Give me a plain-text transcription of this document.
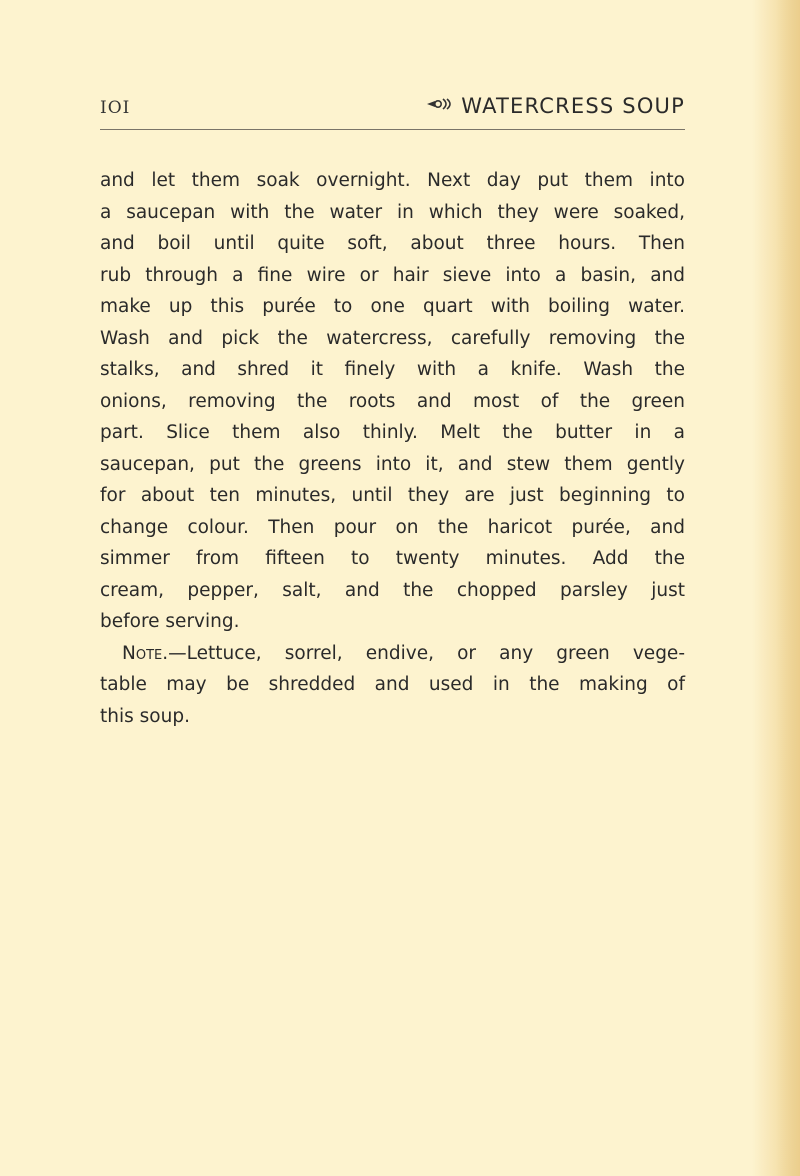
IOI	WATERCRESS SOUP
and let them soak overnight. Next day put them into
a saucepan with the water in which they were soaked,
and boil until quite soft, about three hours. Then
rub through a fine wire or hair sieve into a basin, and
make up this purée to one quart with boiling water.
Wash and pick the watercress, carefully removing the
stalks, and shred it finely with a knife. Wash the
onions, removing the roots and most of the green
part. Slice them also thinly. Melt the butter in a
saucepan, put the greens into it, and stew them gently
for about ten minutes, until they are just beginning to
change colour. Then pour on the haricot purée, and
simmer from fifteen to twenty minutes. Add the
cream, pepper, salt, and the chopped parsley just
before serving.
Note.—Lettuce, sorrel, endive, or any green vege-
table may be shredded and used in the making of
this soup.
